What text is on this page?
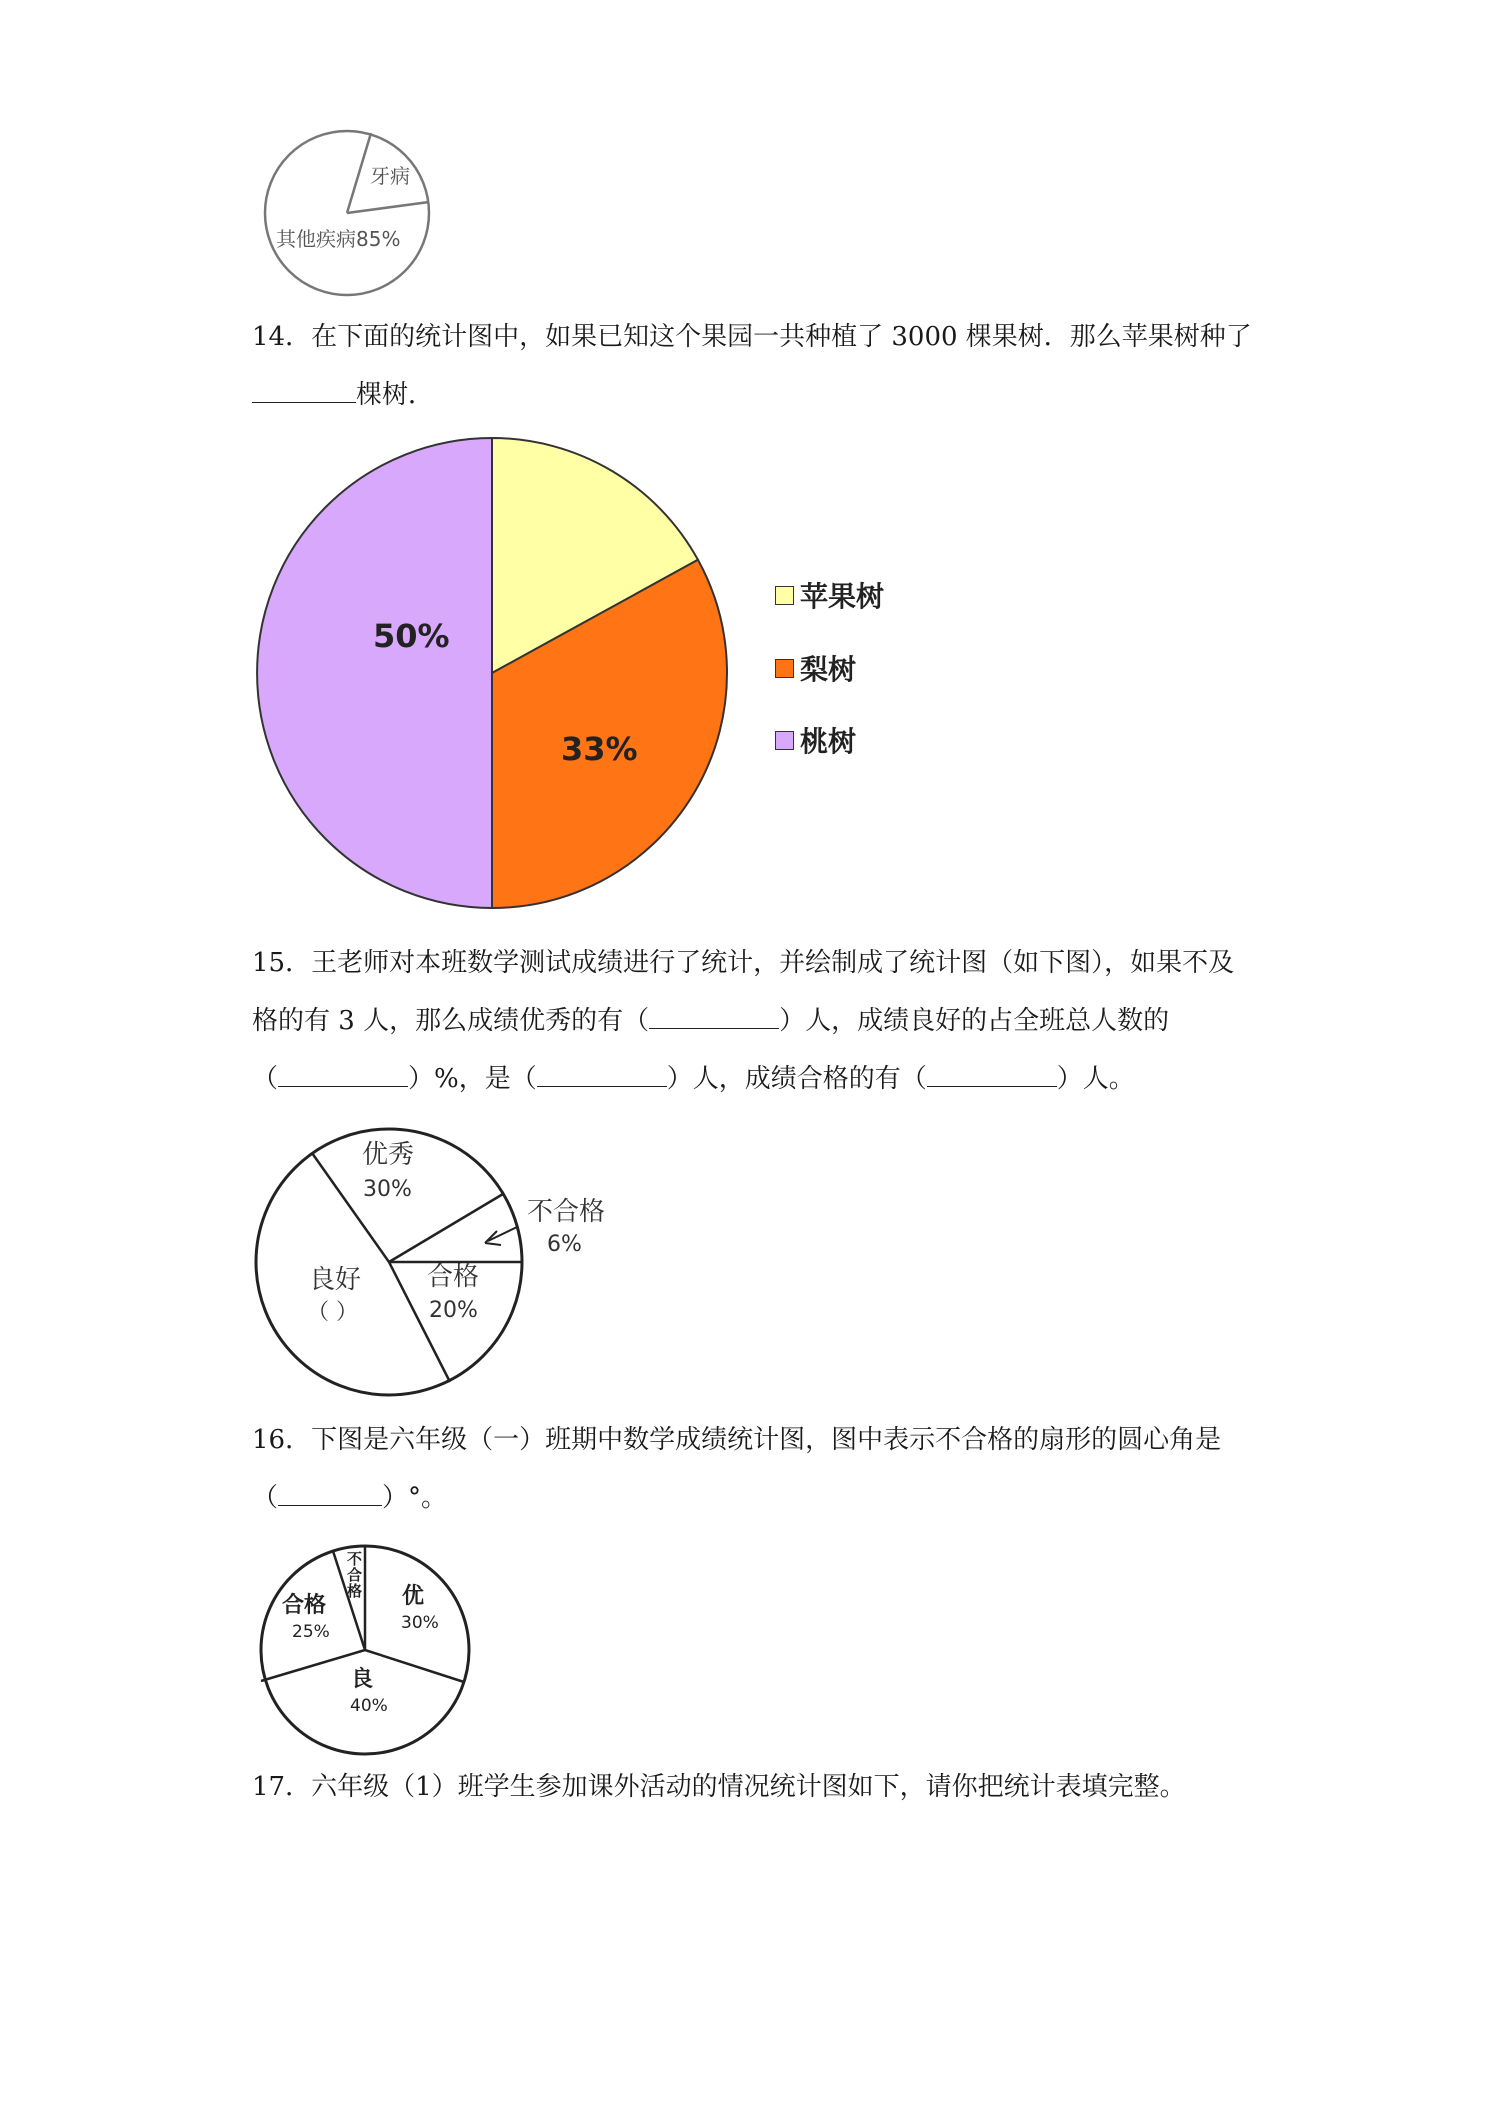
牙病
其他疾病85%
14．在下面的统计图中，如果已知这个果园一共种植了 3000 棵果树．那么苹果树种了
棵树．
50%
33%
苹果树
梨树
桃树
15．王老师对本班数学测试成绩进行了统计，并绘制成了统计图（如下图），如果不及
格的有 3 人，那么成绩优秀的有（	）人，成绩良好的占全班总人数的
（	）%，是（	）人，成绩合格的有（	）人。
优秀
30%
不合格
6%
合格
20%
良好
（ ）
16．下图是六年级（一）班期中数学成绩统计图，图中表示不合格的扇形的圆心角是
（	）°。
优
30%
良
40%
合格
25%
不 合 格
17．六年级（1）班学生参加课外活动的情况统计图如下，请你把统计表填完整。
